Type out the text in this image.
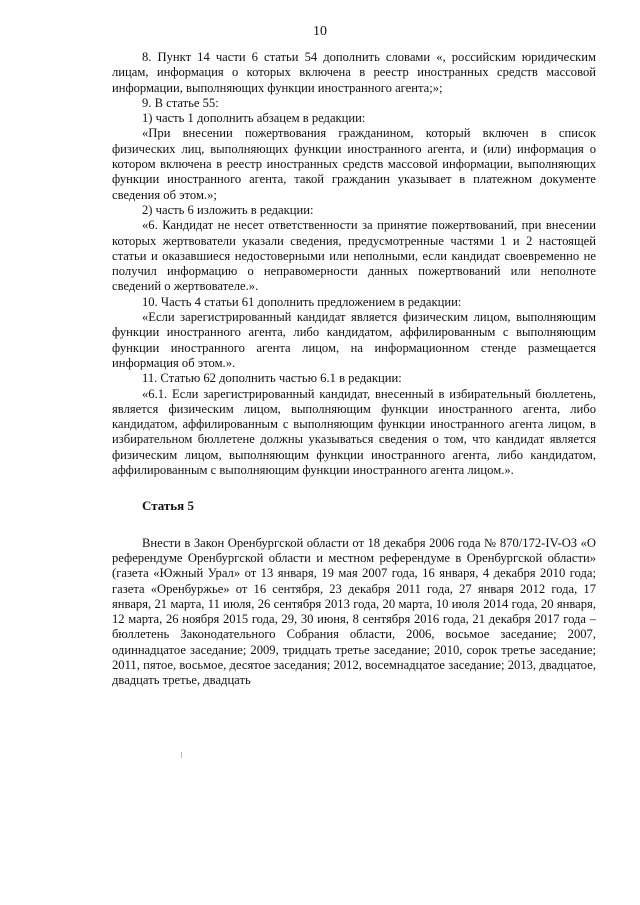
10

8. Пункт 14 части 6 статьи 54 дополнить словами «, российским юридическим лицам, информация о которых включена в реестр иностранных средств массовой информации, выполняющих функции иностранного агента;»;

9. В статье 55:

1) часть 1 дополнить абзацем в редакции:

«При внесении пожертвования гражданином, который включен в список физических лиц, выполняющих функции иностранного агента, и (или) информация о котором включена в реестр иностранных средств массовой информации, выполняющих функции иностранного агента, такой гражданин указывает в платежном документе сведения об этом.»;

2) часть 6 изложить в редакции:

«6. Кандидат не несет ответственности за принятие пожертвований, при внесении которых жертвователи указали сведения, предусмотренные частями 1 и 2 настоящей статьи и оказавшиеся недостоверными или неполными, если кандидат своевременно не получил информацию о неправомерности данных пожертвований или неполноте сведений о жертвователе.».

10. Часть 4 статьи 61 дополнить предложением в редакции:

«Если зарегистрированный кандидат является физическим лицом, выполняющим функции иностранного агента, либо кандидатом, аффилированным с выполняющим функции иностранного агента лицом, на информационном стенде размещается информация об этом.».

11. Статью 62 дополнить частью 6.1 в редакции:

«6.1. Если зарегистрированный кандидат, внесенный в избирательный бюллетень, является физическим лицом, выполняющим функции иностранного агента, либо кандидатом, аффилированным с выполняющим функции иностранного агента лицом, в избирательном бюллетене должны указываться сведения о том, что кандидат является физическим лицом, выполняющим функции иностранного агента, либо кандидатом, аффилированным с выполняющим функции иностранного агента лицом.».

Статья 5

Внести в Закон Оренбургской области от 18 декабря 2006 года № 870/172-IV-ОЗ «О референдуме Оренбургской области и местном референдуме в Оренбургской области» (газета «Южный Урал» от 13 января, 19 мая 2007 года, 16 января, 4 декабря 2010 года; газета «Оренбуржье» от 16 сентября, 23 декабря 2011 года, 27 января 2012 года, 17 января, 21 марта, 11 июля, 26 сентября 2013 года, 20 марта, 10 июля 2014 года, 20 января, 12 марта, 26 ноября 2015 года, 29, 30 июня, 8 сентября 2016 года, 21 декабря 2017 года – бюллетень Законодательного Собрания области, 2006, восьмое заседание; 2007, одиннадцатое заседание; 2009, тридцать третье заседание; 2010, сорок третье заседание; 2011, пятое, восьмое, десятое заседания; 2012, восемнадцатое заседание; 2013, двадцатое, двадцать третье, двадцать
